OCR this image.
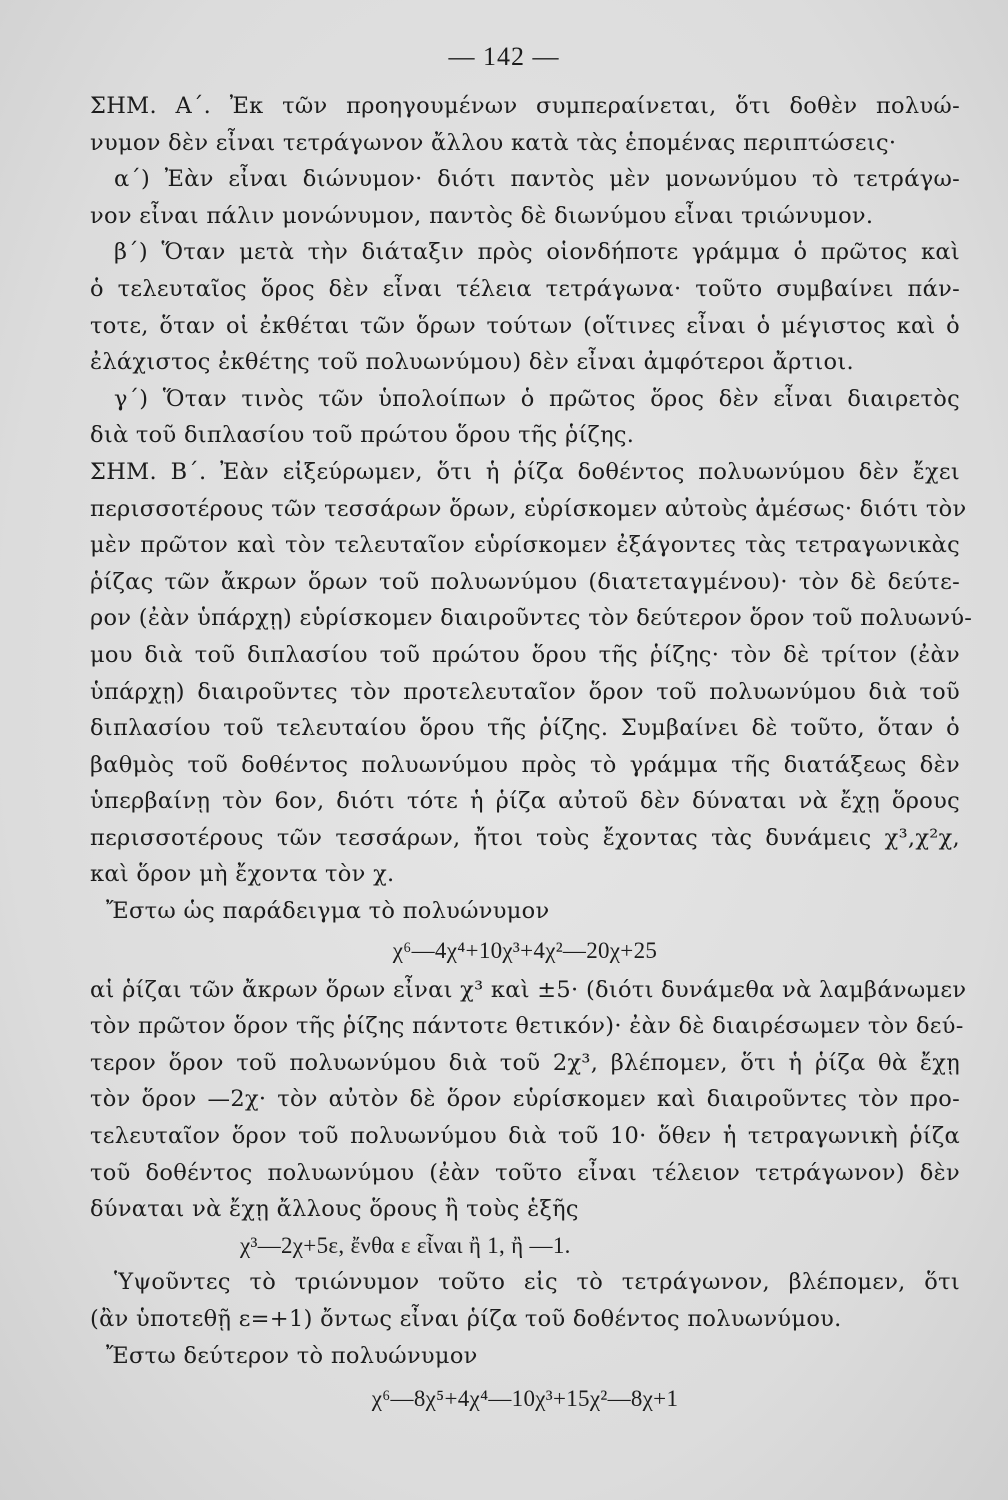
— 142 —
ΣΗΜ. Α΄. Ἐκ τῶν προηγουμένων συμπεραίνεται, ὅτι δοθὲν πολυώ-
νυμον δὲν εἶναι τετράγωνον ἄλλου κατὰ τὰς ἑπομένας περιπτώσεις·
α΄) Ἐὰν εἶναι διώνυμον· διότι παντὸς μὲν μονωνύμου τὸ τετράγω-
νον εἶναι πάλιν μονώνυμον, παντὸς δὲ διωνύμου εἶναι τριώνυμον.
β΄) Ὅταν μετὰ τὴν διάταξιν πρὸς οἱονδήποτε γράμμα ὁ πρῶτος καὶ
ὁ τελευταῖος ὅρος δὲν εἶναι τέλεια τετράγωνα· τοῦτο συμβαίνει πάν-
τοτε, ὅταν οἱ ἐκθέται τῶν ὅρων τούτων (οἵτινες εἶναι ὁ μέγιστος καὶ ὁ
ἐλάχιστος ἐκθέτης τοῦ πολυωνύμου) δὲν εἶναι ἀμφότεροι ἄρτιοι.
γ΄) Ὅταν τινὸς τῶν ὑπολοίπων ὁ πρῶτος ὅρος δὲν εἶναι διαιρετὸς
διὰ τοῦ διπλασίου τοῦ πρώτου ὅρου τῆς ῥίζης.
ΣΗΜ. Β΄. Ἐὰν εἰξεύρωμεν, ὅτι ἡ ῥίζα δοθέντος πολυωνύμου δὲν ἔχει
περισσοτέρους τῶν τεσσάρων ὅρων, εὑρίσκομεν αὐτοὺς ἀμέσως· διότι τὸν
μὲν πρῶτον καὶ τὸν τελευταῖον εὑρίσκομεν ἐξάγοντες τὰς τετραγωνικὰς
ῥίζας τῶν ἄκρων ὅρων τοῦ πολυωνύμου (διατεταγμένου)· τὸν δὲ δεύτε-
ρον (ἐὰν ὑπάρχῃ) εὑρίσκομεν διαιροῦντες τὸν δεύτερον ὅρον τοῦ πολυωνύ-
μου διὰ τοῦ διπλασίου τοῦ πρώτου ὅρου τῆς ῥίζης· τὸν δὲ τρίτον (ἐὰν
ὑπάρχῃ) διαιροῦντες τὸν προτελευταῖον ὅρον τοῦ πολυωνύμου διὰ τοῦ
διπλασίου τοῦ τελευταίου ὅρου τῆς ῥίζης. Συμβαίνει δὲ τοῦτο, ὅταν ὁ
βαθμὸς τοῦ δοθέντος πολυωνύμου πρὸς τὸ γράμμα τῆς διατάξεως δὲν
ὑπερβαίνῃ τὸν 6ον, διότι τότε ἡ ῥίζα αὐτοῦ δὲν δύναται νὰ ἔχῃ ὅρους
περισσοτέρους τῶν τεσσάρων, ἤτοι τοὺς ἔχοντας τὰς δυνάμεις χ³,χ²χ,
καὶ ὅρον μὴ ἔχοντα τὸν χ.
Ἔστω ὡς παράδειγμα τὸ πολυώνυμον
χ⁶—4χ⁴+10χ³+4χ²—20χ+25
αἱ ῥίζαι τῶν ἄκρων ὅρων εἶναι χ³ καὶ ±5· (διότι δυνάμεθα νὰ λαμβάνωμεν
τὸν πρῶτον ὅρον τῆς ῥίζης πάντοτε θετικόν)· ἐὰν δὲ διαιρέσωμεν τὸν δεύ-
τερον ὅρον τοῦ πολυωνύμου διὰ τοῦ 2χ³, βλέπομεν, ὅτι ἡ ῥίζα θὰ ἔχῃ
τὸν ὅρον —2χ· τὸν αὐτὸν δὲ ὅρον εὑρίσκομεν καὶ διαιροῦντες τὸν προ-
τελευταῖον ὅρον τοῦ πολυωνύμου διὰ τοῦ 10· ὅθεν ἡ τετραγωνικὴ ῥίζα
τοῦ δοθέντος πολυωνύμου (ἐὰν τοῦτο εἶναι τέλειον τετράγωνον) δὲν
δύναται νὰ ἔχῃ ἄλλους ὅρους ἢ τοὺς ἑξῆς
χ³—2χ+5ε, ἔνθα ε εἶναι ἢ 1, ἢ —1.
Ὑψοῦντες τὸ τριώνυμον τοῦτο εἰς τὸ τετράγωνον, βλέπομεν, ὅτι
(ἂν ὑποτεθῇ ε=+1) ὄντως εἶναι ῥίζα τοῦ δοθέντος πολυωνύμου.
Ἔστω δεύτερον τὸ πολυώνυμον
χ⁶—8χ⁵+4χ⁴—10χ³+15χ²—8χ+1
